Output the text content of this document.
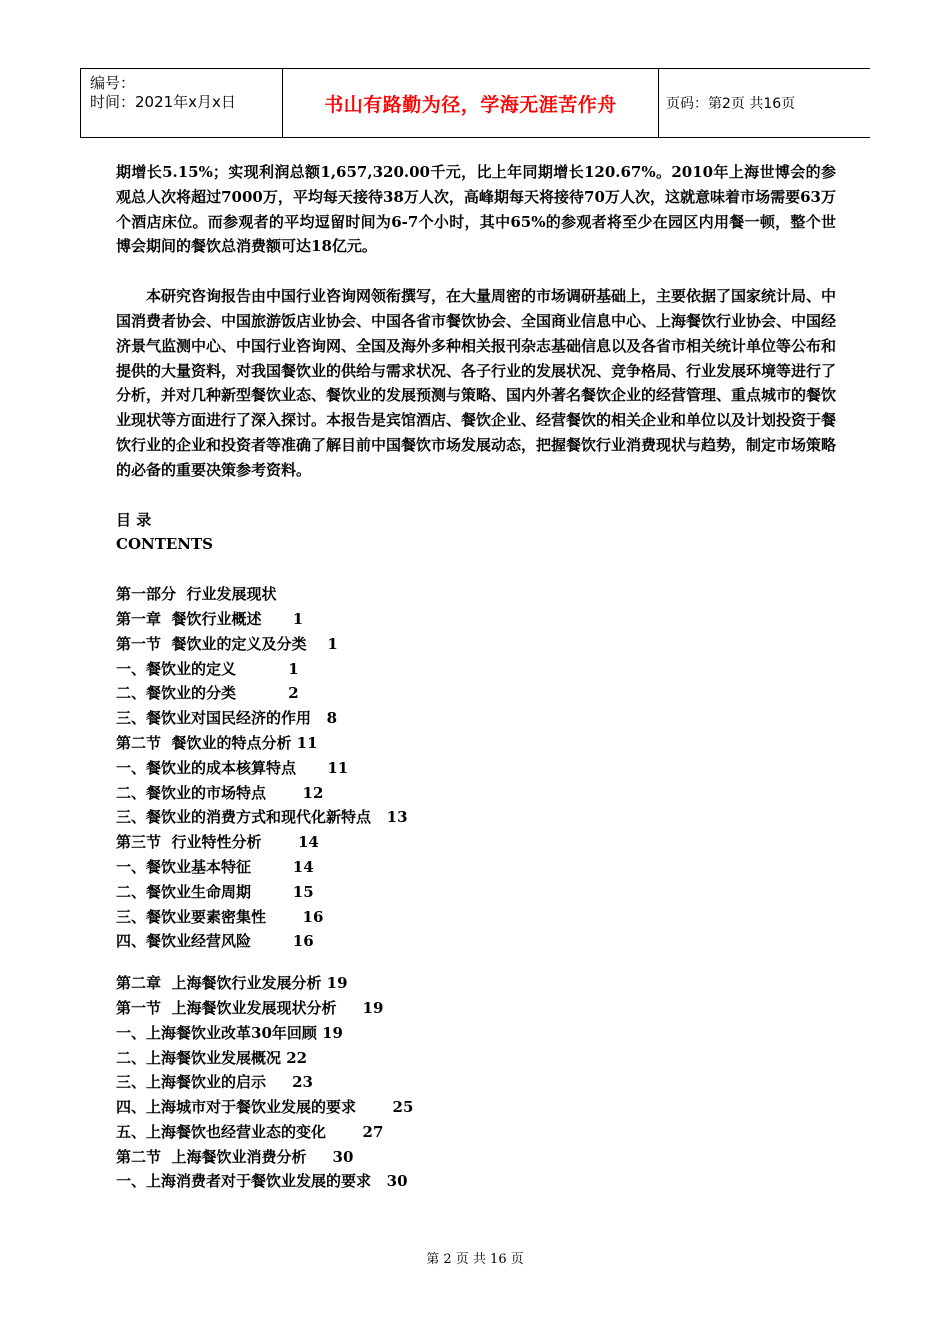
编号：
时间：2021年x月x日	书山有路勤为径，学海无涯苦作舟	页码：第2页 共16页

期增长5.15%；实现利润总额1,657,320.00千元，比上年同期增长120.67%。2010年上海世博会的参观总人次将超过7000万，平均每天接待38万人次，高峰期每天将接待70万人次，这就意味着市场需要63万个酒店床位。而参观者的平均逗留时间为6-7个小时，其中65%的参观者将至少在园区内用餐一顿，整个世博会期间的餐饮总消费额可达18亿元。

本研究咨询报告由中国行业咨询网领衔撰写，在大量周密的市场调研基础上，主要依据了国家统计局、中国消费者协会、中国旅游饭店业协会、中国各省市餐饮协会、全国商业信息中心、上海餐饮行业协会、中国经济景气监测中心、中国行业咨询网、全国及海外多种相关报刊杂志基础信息以及各省市相关统计单位等公布和提供的大量资料，对我国餐饮业的供给与需求状况、各子行业的发展状况、竞争格局、行业发展环境等进行了分析，并对几种新型餐饮业态、餐饮业的发展预测与策略、国内外著名餐饮企业的经营管理、重点城市的餐饮业现状等方面进行了深入探讨。本报告是宾馆酒店、餐饮企业、经营餐饮的相关企业和单位以及计划投资于餐饮行业的企业和投资者等准确了解目前中国餐饮市场发展动态，把握餐饮行业消费现状与趋势，制定市场策略的必备的重要决策参考资料。

目 录
CONTENTS
第一部分  行业发展现状
第一章  餐饮行业概述      1
第一节  餐饮业的定义及分类    1
一、餐饮业的定义          1
二、餐饮业的分类          2
三、餐饮业对国民经济的作用   8
第二节  餐饮业的特点分析 11
一、餐饮业的成本核算特点      11
二、餐饮业的市场特点       12
三、餐饮业的消费方式和现代化新特点   13
第三节  行业特性分析       14
一、餐饮业基本特征        14
二、餐饮业生命周期        15
三、餐饮业要素密集性       16
四、餐饮业经营风险        16
第二章  上海餐饮行业发展分析 19
第一节  上海餐饮业发展现状分析     19
一、上海餐饮业改革30年回顾 19
二、上海餐饮业发展概况 22
三、上海餐饮业的启示     23
四、上海城市对于餐饮业发展的要求       25
五、上海餐饮也经营业态的变化       27
第二节  上海餐饮业消费分析     30
一、上海消费者对于餐饮业发展的要求   30
第 2 页 共 16 页
